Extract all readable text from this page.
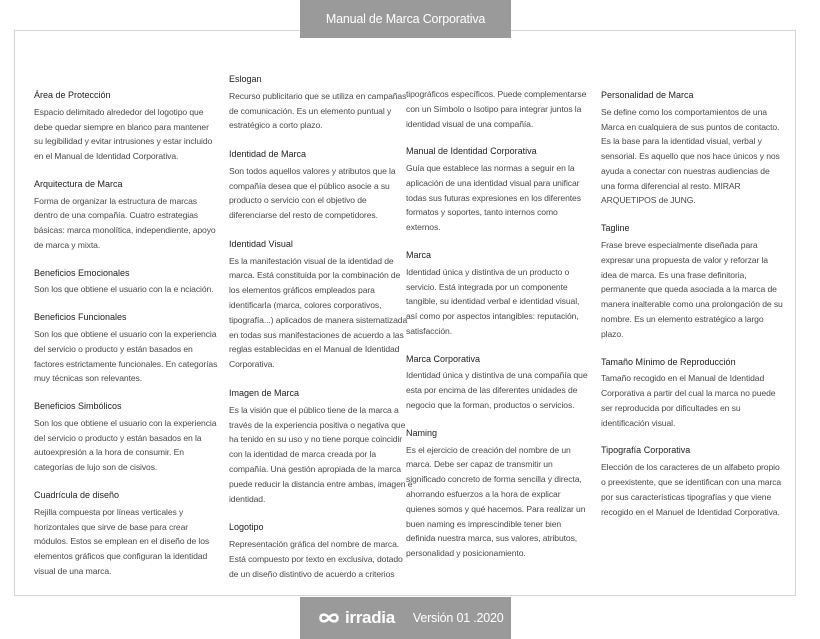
Manual de Marca Corporativa

Área de Protección

Espacio delimitado alrededor del logotipo que debe quedar siempre en blanco para mantener su legibilidad y evitar intrusiones y estar incluido en el Manual de Identidad Corporativa.

Arquitectura de Marca

Forma de organizar la estructura de marcas dentro de una compañía. Cuatro estrategias básicas: marca monolítica, independiente, apoyo de marca y mixta.

Beneficios Emocionales

Son los que obtiene el usuario con la e nciación.

Beneficios Funcionales

Son los que obtiene el usuario con la experiencia del servicio o producto y están basados en factores estrictamente funcionales. En categorías muy técnicas son relevantes.

Beneficios Simbólicos

Son los que obtiene el usuario con la experiencia del servicio o producto y están basados en la autoexpresión a la hora de consumir. En categorías de lujo son de cisivos.

Cuadrícula de diseño

Rejilla compuesta por líneas verticales y horizontales que sirve de base para crear módulos. Estos se emplean en el diseño de los elementos gráficos que configuran la identidad visual de una marca.

Eslogan

Recurso publicitario que se utiliza en campañas de comunicación. Es un elemento puntual y estratégico a corto plazo.

Identidad de Marca

Son todos aquellos valores y atributos que la compañía desea que el público asocie a su producto o servicio con el objetivo de diferenciarse del resto de competidores.

Identidad Visual

Es la manifestación visual de la identidad de marca. Está constituida por la combinación de los elementos gráficos empleados para identificarla (marca, colores corporativos, tipografía...) aplicados de manera sistematizada en todas sus manifestaciones de acuerdo a las reglas establecidas en el Manual de Identidad Corporativa.

Imagen de Marca

Es la visión que el público tiene de la marca a través de la experiencia positiva o negativa que ha tenido en su uso y no tiene porque coincidir con la identidad de marca creada por la compañía. Una gestión apropiada de la marca puede reducir la distancia entre ambas, imagen e identidad.

Logotipo

Representación gráfica del nombre de marca. Está compuesto por texto en exclusiva, dotado de un diseño distintivo de acuerdo a criterios

tipográficos específicos. Puede complementarse con un Símbolo o Isotipo para integrar juntos la identidad visual de una compañía.

Manual de Identidad Corporativa

Guía que establece las normas a seguir en la aplicación de una identidad visual para unificar todas sus futuras expresiones en los diferentes formatos y soportes, tanto internos como externos.

Marca

Identidad única y distintiva de un producto o servicio. Está integrada por un componente tangible, su identidad verbal e identidad visual, así como por aspectos intangibles: reputación, satisfacción.

Marca Corporativa

Identidad única y distintiva de una compañía que esta por encima de las diferentes unidades de negocio que la forman, productos o servicios.

Naming

Es el ejercicio de creación del nombre de un marca. Debe ser capaz de transmitir un significado concreto de forma sencilla y directa, ahorrando esfuerzos a la hora de explicar quienes somos y qué hacemos. Para realizar un buen naming es imprescindible tener bien definida nuestra marca, sus valores, atributos, personalidad y posicionamiento.

Personalidad de Marca

Se define como los comportamientos de una Marca en cualquiera de sus puntos de contacto. Es la base para la identidad visual, verbal y sensorial. Es aquello que nos hace únicos y nos ayuda a conectar con nuestras audiencias de una forma diferencial al resto. MIRAR ARQUETIPOS de JUNG.

Tagline

Frase breve especialmente diseñada para expresar una propuesta de valor y reforzar la idea de marca. Es una frase definitoria, permanente que queda asociada a la marca de manera inalterable como una prolongación de su nombre. Es un elemento estratégico a largo plazo.

Tamaño Mínimo de Reproducción

Tamaño recogido en el Manual de Identidad Corporativa a partir del cual la marca no puede ser reproducida por dificultades en su identificación visual.

Tipografía Corporativa

Elección de los caracteres de un alfabeto propio o preexistente, que se identifican con una marca por sus características tipografías y que viene recogido en el Manuel de Identidad Corporativa.

irradia Versión 01 .2020
